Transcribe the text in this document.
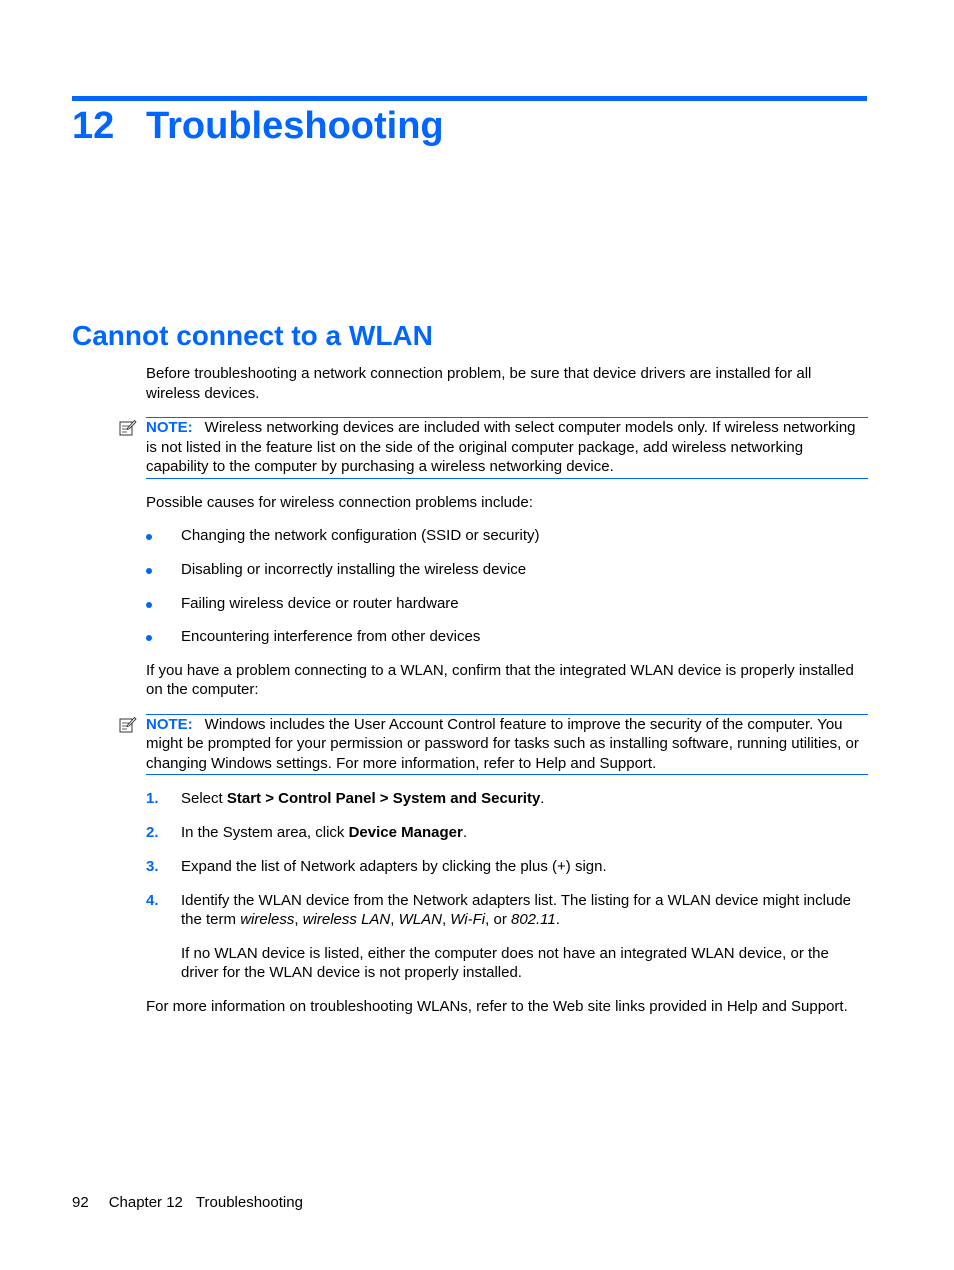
12 Troubleshooting
Cannot connect to a WLAN

Before troubleshooting a network connection problem, be sure that device drivers are installed for all wireless devices.

NOTE: Wireless networking devices are included with select computer models only. If wireless networking is not listed in the feature list on the side of the original computer package, add wireless networking capability to the computer by purchasing a wireless networking device.

Possible causes for wireless connection problems include:

Changing the network configuration (SSID or security)
Disabling or incorrectly installing the wireless device
Failing wireless device or router hardware
Encountering interference from other devices

If you have a problem connecting to a WLAN, confirm that the integrated WLAN device is properly installed on the computer:

NOTE: Windows includes the User Account Control feature to improve the security of the computer. You might be prompted for your permission or password for tasks such as installing software, running utilities, or changing Windows settings. For more information, refer to Help and Support.
1. Select Start > Control Panel > System and Security.
2. In the System area, click Device Manager.
3. Expand the list of Network adapters by clicking the plus (+) sign.
4. Identify the WLAN device from the Network adapters list. The listing for a WLAN device might include the term wireless, wireless LAN, WLAN, Wi-Fi, or 802.11.

If no WLAN device is listed, either the computer does not have an integrated WLAN device, or the driver for the WLAN device is not properly installed.

For more information on troubleshooting WLANs, refer to the Web site links provided in Help and Support.

92 Chapter 12 Troubleshooting
